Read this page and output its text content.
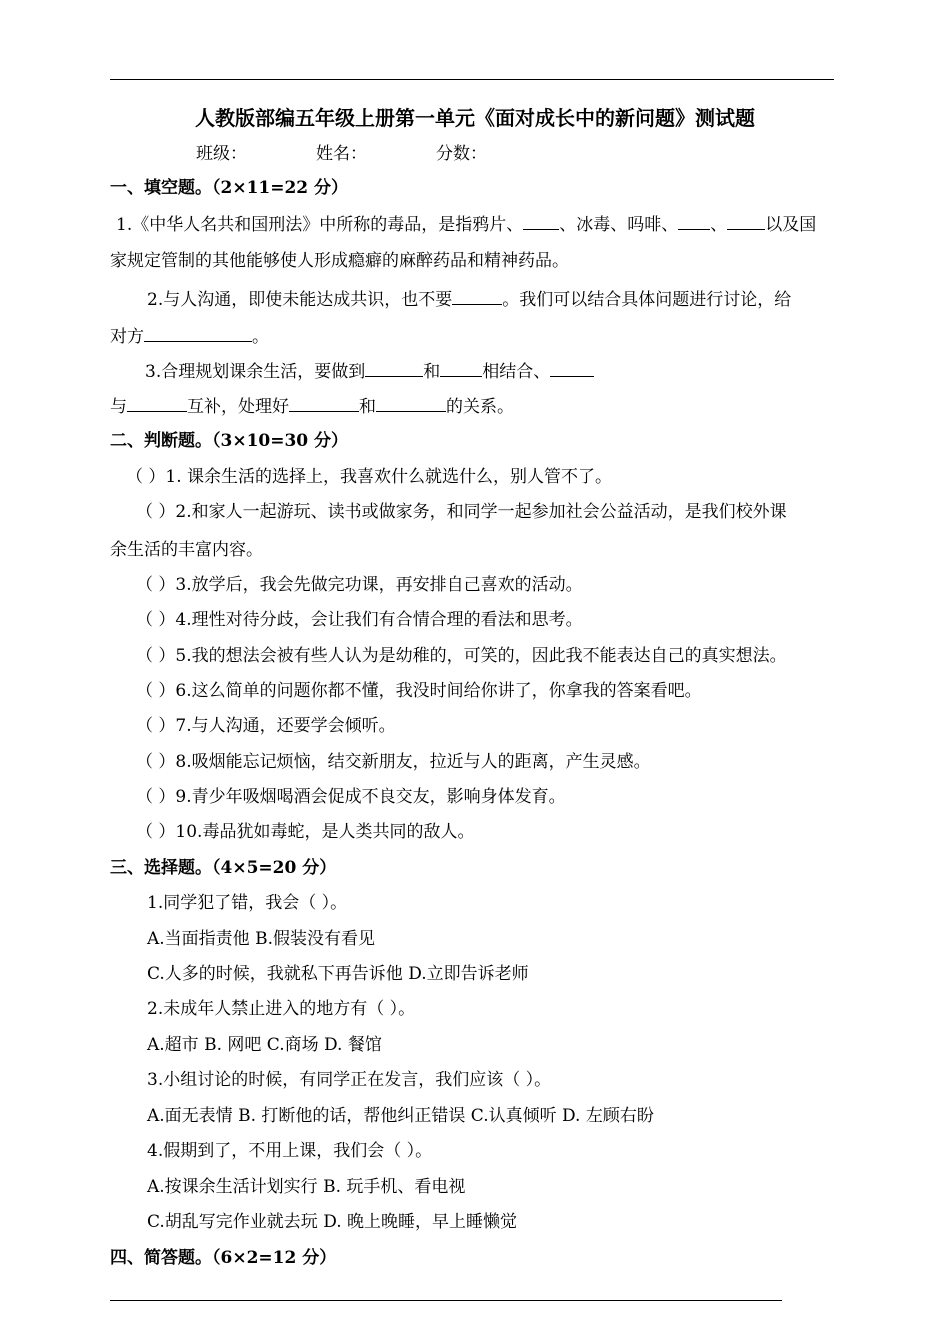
人教版部编五年级上册第一单元《面对成长中的新问题》测试题
班级：	姓名：	分数：
一、填空题。（2×11=22 分）
1.《中华人名共和国刑法》中所称的毒品，是指鸦片、 、冰毒、吗啡、 、 以及国
家规定管制的其他能够使人形成瘾癖的麻醉药品和精神药品。
2.与人沟通，即使未能达成共识，也不要	。我们可以结合具体问题进行讨论，给
对方	。
3.合理规划课余生活，要做到	和 相结合、
与	互补，处理好	和	的关系。
二、判断题。（3×10=30 分）
（ ）1. 课余生活的选择上，我喜欢什么就选什么，别人管不了。
（ ）2.和家人一起游玩、读书或做家务，和同学一起参加社会公益活动，是我们校外课
余生活的丰富内容。
（ ）3.放学后，我会先做完功课，再安排自己喜欢的活动。
（ ）4.理性对待分歧，会让我们有合情合理的看法和思考。
（ ）5.我的想法会被有些人认为是幼稚的，可笑的，因此我不能表达自己的真实想法。
（ ）6.这么简单的问题你都不懂，我没时间给你讲了，你拿我的答案看吧。
（ ）7.与人沟通，还要学会倾听。
（ ）8.吸烟能忘记烦恼，结交新朋友，拉近与人的距离，产生灵感。
（ ）9.青少年吸烟喝酒会促成不良交友，影响身体发育。
（ ）10.毒品犹如毒蛇，是人类共同的敌人。
三、选择题。（4×5=20 分）
1.同学犯了错，我会（ ）。
A.当面指责他 B.假装没有看见
C.人多的时候，我就私下再告诉他 D.立即告诉老师
2.未成年人禁止进入的地方有（ ）。
A.超市 B. 网吧 C.商场 D. 餐馆
3.小组讨论的时候，有同学正在发言，我们应该（ ）。
A.面无表情 B. 打断他的话，帮他纠正错误 C.认真倾听 D. 左顾右盼
4.假期到了，不用上课，我们会（ ）。
A.按课余生活计划实行 B. 玩手机、看电视
C.胡乱写完作业就去玩 D. 晚上晚睡，早上睡懒觉
四、简答题。（6×2=12 分）
